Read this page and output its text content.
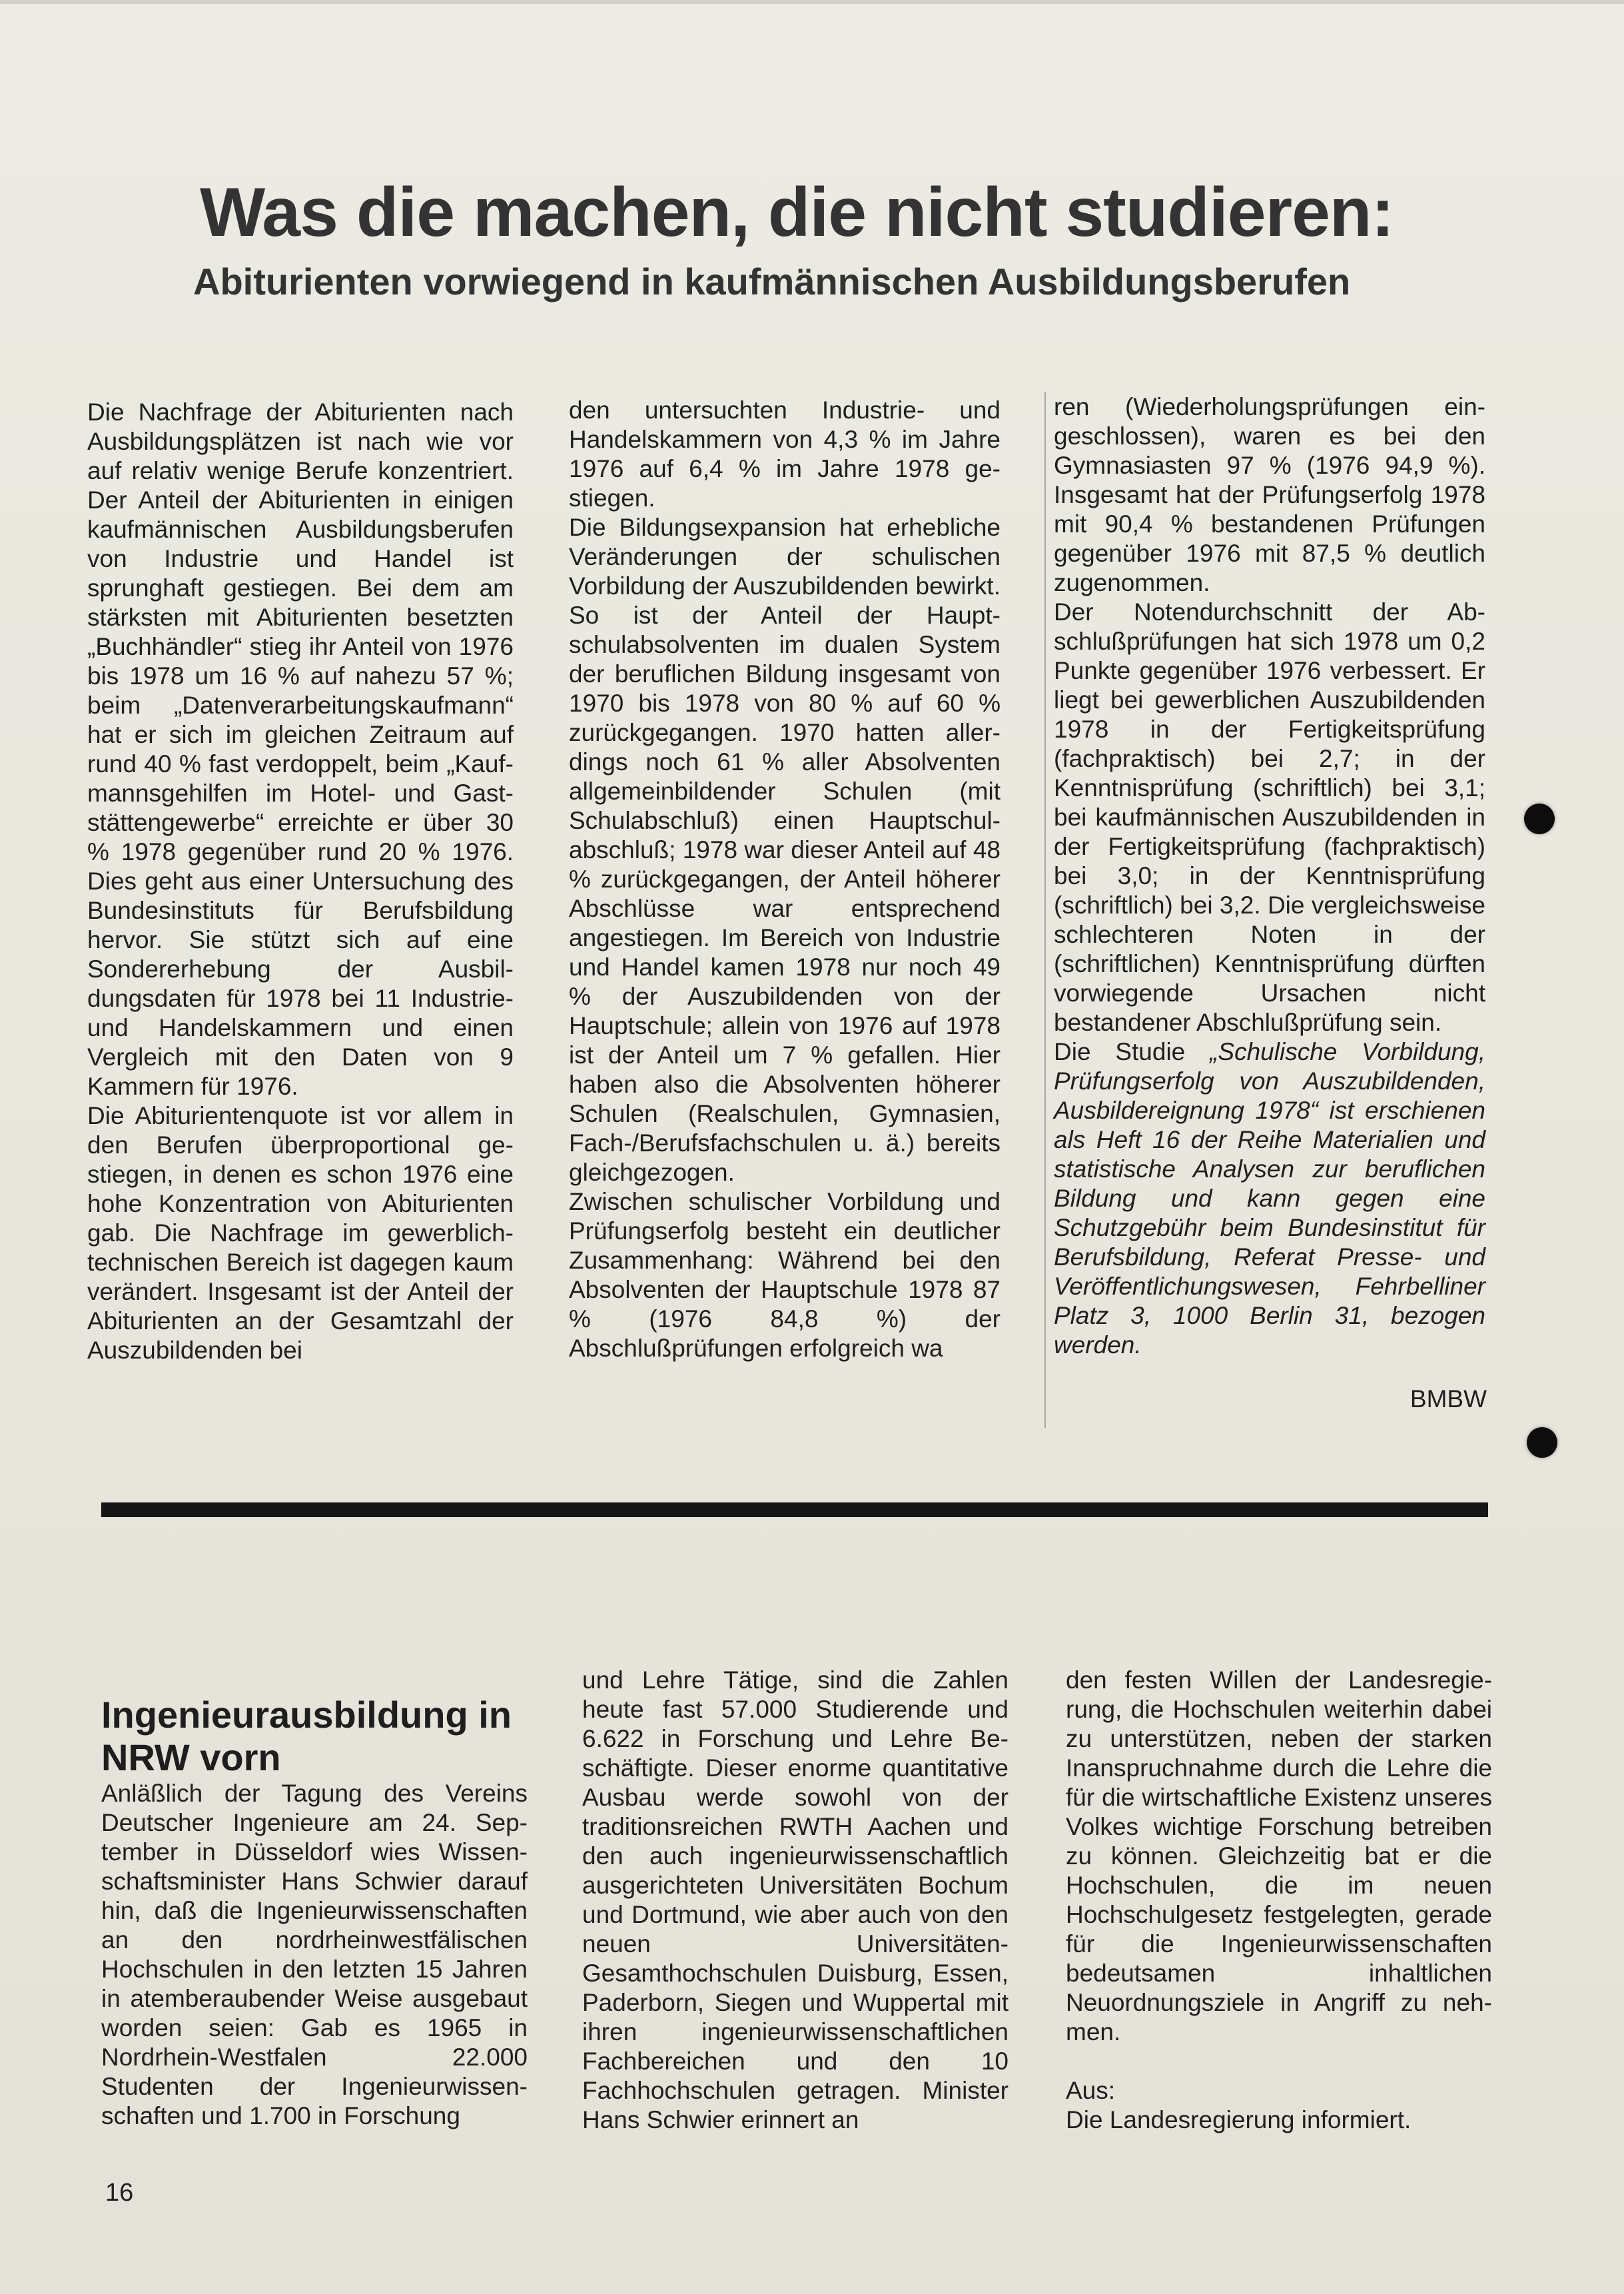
Was die machen, die nicht studieren:
Abiturienten vorwiegend in kaufmännischen Ausbildungsberufen

Die Nachfrage der Abiturienten nach Ausbildungsplätzen ist nach wie vor auf relativ wenige Berufe konzentriert. Der Anteil der Abiturienten in einigen kaufmännischen Ausbildungsberufen von Industrie und Handel ist sprunghaft gestiegen. Bei dem am stärksten mit Abiturienten besetzten „Buchhändler“ stieg ihr Anteil von 1976 bis 1978 um 16 % auf nahezu 57 %; beim „Datenverarbeitungskaufmann“ hat er sich im gleichen Zeitraum auf rund 40 % fast verdoppelt, beim „Kaufmannsgehilfen im Hotel- und Gaststättengewerbe“ erreichte er über 30 % 1978 gegenüber rund 20 % 1976. Dies geht aus einer Untersuchung des Bundesinstituts für Berufsbildung hervor. Sie stützt sich auf eine Sondererhebung der Ausbildungsdaten für 1978 bei 11 Industrie- und Handelskammern und einen Vergleich mit den Daten von 9 Kammern für 1976.

Die Abiturientenquote ist vor allem in den Berufen überproportional gestiegen, in denen es schon 1976 eine hohe Konzentration von Abiturienten gab. Die Nachfrage im gewerblich-technischen Bereich ist dagegen kaum verändert. Insgesamt ist der Anteil der Abiturienten an der Gesamtzahl der Auszubildenden bei

den untersuchten Industrie- und Handelskammern von 4,3 % im Jahre 1976 auf 6,4 % im Jahre 1978 gestiegen.

Die Bildungsexpansion hat erhebliche Veränderungen der schulischen Vorbildung der Auszubildenden bewirkt. So ist der Anteil der Hauptschulabsolventen im dualen System der beruflichen Bildung insgesamt von 1970 bis 1978 von 80 % auf 60 % zurückgegangen. 1970 hatten allerdings noch 61 % aller Absolventen allgemeinbildender Schulen (mit Schulabschluß) einen Hauptschulabschluß; 1978 war dieser Anteil auf 48 % zurückgegangen, der Anteil höherer Abschlüsse war entsprechend angestiegen. Im Bereich von Industrie und Handel kamen 1978 nur noch 49 % der Auszubildenden von der Hauptschule; allein von 1976 auf 1978 ist der Anteil um 7 % gefallen. Hier haben also die Absolventen höherer Schulen (Realschulen, Gymnasien, Fach-/Berufsfachschulen u. ä.) bereits gleichgezogen.

Zwischen schulischer Vorbildung und Prüfungserfolg besteht ein deutlicher Zusammenhang: Während bei den Absolventen der Hauptschule 1978 87 % (1976 84,8 %) der Abschlußprüfungen erfolgreich wa

ren (Wiederholungsprüfungen eingeschlossen), waren es bei den Gymnasiasten 97 % (1976 94,9 %). Insgesamt hat der Prüfungserfolg 1978 mit 90,4 % bestandenen Prüfungen gegenüber 1976 mit 87,5 % deutlich zugenommen.

Der Notendurchschnitt der Abschlußprüfungen hat sich 1978 um 0,2 Punkte gegenüber 1976 verbessert. Er liegt bei gewerblichen Auszubildenden 1978 in der Fertigkeitsprüfung (fachpraktisch) bei 2,7; in der Kenntnisprüfung (schriftlich) bei 3,1; bei kaufmännischen Auszubildenden in der Fertigkeitsprüfung (fachpraktisch) bei 3,0; in der Kenntnisprüfung (schriftlich) bei 3,2. Die vergleichsweise schlechteren Noten in der (schriftlichen) Kenntnisprüfung dürften vorwiegende Ursachen nicht bestandener Abschlußprüfung sein.

Die Studie „Schulische Vorbildung, Prüfungserfolg von Auszubildenden, Ausbildereignung 1978“ ist erschienen als Heft 16 der Reihe Materialien und statistische Analysen zur beruflichen Bildung und kann gegen eine Schutzgebühr beim Bundesinstitut für Berufsbildung, Referat Presse- und Veröffentlichungswesen, Fehrbelliner Platz 3, 1000 Berlin 31, bezogen werden.

BMBW
Ingenieurausbildung in NRW vorn

Anläßlich der Tagung des Vereins Deutscher Ingenieure am 24. September in Düsseldorf wies Wissenschaftsminister Hans Schwier darauf hin, daß die Ingenieurwissenschaften an den nordrheinwestfälischen Hochschulen in den letzten 15 Jahren in atemberaubender Weise ausgebaut worden seien: Gab es 1965 in Nordrhein-Westfalen 22.000 Studenten der Ingenieurwissenschaften und 1.700 in Forschung

und Lehre Tätige, sind die Zahlen heute fast 57.000 Studierende und 6.622 in Forschung und Lehre Beschäftigte. Dieser enorme quantitative Ausbau werde sowohl von der traditionsreichen RWTH Aachen und den auch ingenieurwissenschaftlich ausgerichteten Universitäten Bochum und Dortmund, wie aber auch von den neuen Universitäten-Gesamthochschulen Duisburg, Essen, Paderborn, Siegen und Wuppertal mit ihren ingenieurwissenschaftlichen Fachbereichen und den 10 Fachhochschulen getragen. Minister Hans Schwier erinnert an

den festen Willen der Landesregierung, die Hochschulen weiterhin dabei zu unterstützen, neben der starken Inanspruchnahme durch die Lehre die für die wirtschaftliche Existenz unseres Volkes wichtige Forschung betreiben zu können. Gleichzeitig bat er die Hochschulen, die im neuen Hochschulgesetz festgelegten, gerade für die Ingenieurwissenschaften bedeutsamen inhaltlichen Neuordnungsziele in Angriff zu nehmen.

Aus:

Die Landesregierung informiert.

16
